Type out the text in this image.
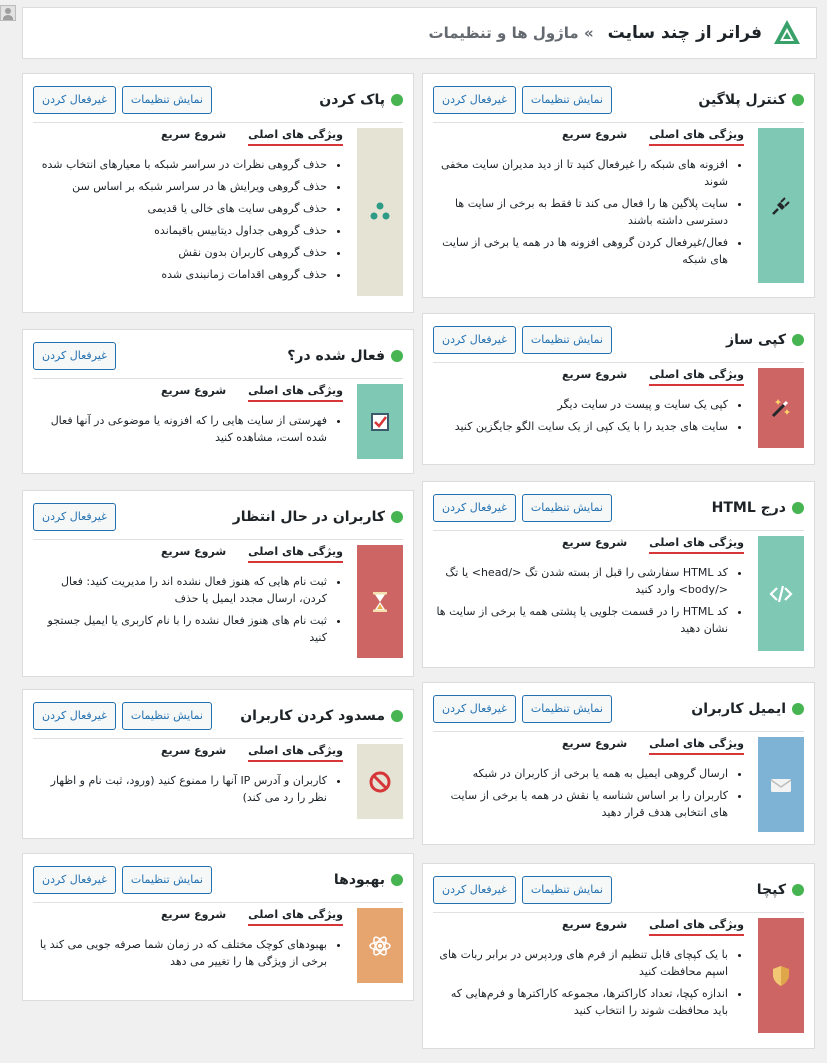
فراتر از چند سایت
» ماژول ها و تنظیمات
کنترل پلاگین
غیرفعال کردن	نمایش تنظیمات
ویژگی های اصلی
شروع سریع
• افزونه های شبکه را غیرفعال کنید تا از دید مدیران سایت مخفی شوند
• سایت پلاگین ها را فعال می کند تا فقط به برخی از سایت ها دسترسی داشته باشند
• فعال/غیرفعال کردن گروهی افزونه ها در همه یا برخی از سایت های شبکه
کپی ساز
غیرفعال کردن	نمایش تنظیمات
ویژگی های اصلی
شروع سریع
• کپی یک سایت و پیست در سایت دیگر
• سایت های جدید را با یک کپی از یک سایت الگو جایگزین کنید
درج HTML
غیرفعال کردن	نمایش تنظیمات
ویژگی های اصلی
شروع سریع
• کد HTML سفارشی را قبل از بسته شدن تگ </head> یا تگ </body> وارد کنید
• کد HTML را در قسمت جلویی یا پشتی همه یا برخی از سایت ها نشان دهید
ایمیل کاربران
غیرفعال کردن	نمایش تنظیمات
ویژگی های اصلی
شروع سریع
• ارسال گروهی ایمیل به همه یا برخی از کاربران در شبکه
• کاربران را بر اساس شناسه یا نقش در همه یا برخی از سایت های انتخابی هدف قرار دهید
کپچا
غیرفعال کردن	نمایش تنظیمات
ویژگی های اصلی
شروع سریع
• با یک کپچای قابل تنظیم از فرم های وردپرس در برابر ربات های اسپم محافظت کنید
• اندازه کپچا، تعداد کاراکترها، مجموعه کاراکترها و فرم‌هایی که باید محافظت شوند را انتخاب کنید
پاک کردن
غیرفعال کردن	نمایش تنظیمات
ویژگی های اصلی
شروع سریع
• حذف گروهی نظرات در سراسر شبکه با معیارهای انتخاب شده
• حذف گروهی ویرایش ها در سراسر شبکه بر اساس سن
• حذف گروهی سایت های خالی یا قدیمی
• حذف گروهی جداول دیتابیس باقیمانده
• حذف گروهی کاربران بدون نقش
• حذف گروهی اقدامات زمانبندی شده
فعال شده در؟
غیرفعال کردن
ویژگی های اصلی
شروع سریع
• فهرستی از سایت هایی را که افزونه یا موضوعی در آنها فعال شده است، مشاهده کنید
کاربران در حال انتظار
غیرفعال کردن
ویژگی های اصلی
شروع سریع
• ثبت نام هایی که هنوز فعال نشده اند را مدیریت کنید: فعال کردن، ارسال مجدد ایمیل یا حذف
• ثبت نام های هنوز فعال نشده را با نام کاربری یا ایمیل جستجو کنید
مسدود کردن کاربران
غیرفعال کردن	نمایش تنظیمات
ویژگی های اصلی
شروع سریع
• کاربران و آدرس IP آنها را ممنوع کنید (ورود، ثبت نام و اظهار نظر را رد می کند)
بهبودها
غیرفعال کردن	نمایش تنظیمات
ویژگی های اصلی
شروع سریع
• بهبودهای کوچک مختلف که در زمان شما صرفه جویی می کند یا برخی از ویژگی ها را تغییر می دهد
